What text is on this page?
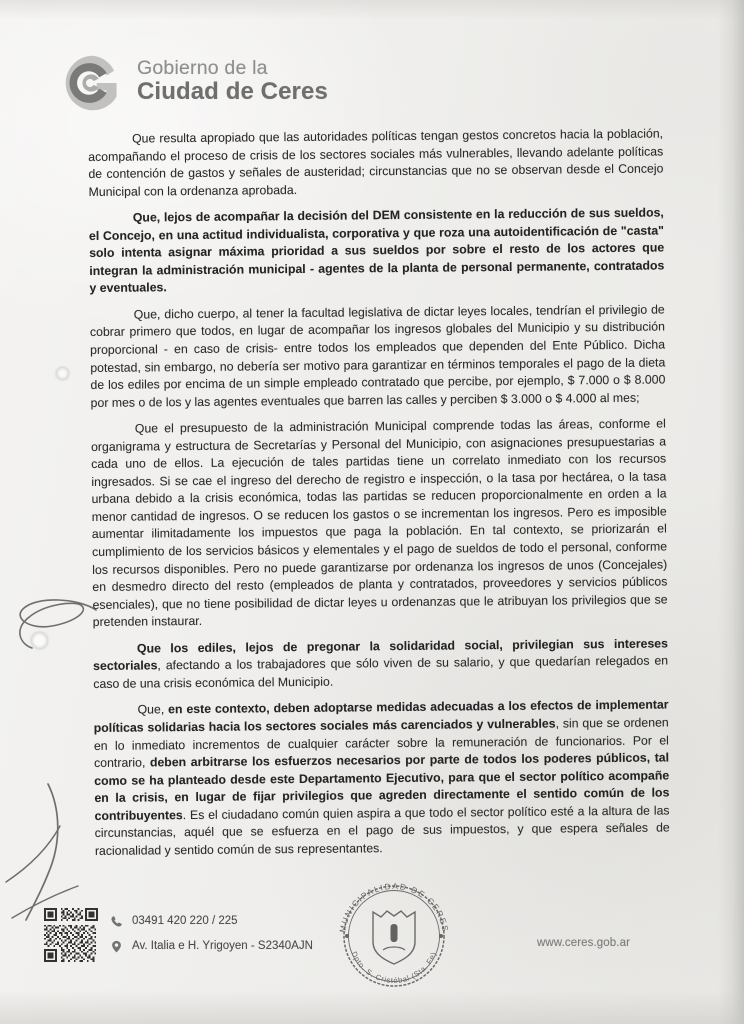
Gobierno de la
Ciudad de Ceres

Que resulta apropiado que las autoridades políticas tengan gestos concretos hacia la población, acompañando el proceso de crisis de los sectores sociales más vulnerables, llevando adelante políticas de contención de gastos y señales de austeridad; circunstancias que no se observan desde el Concejo Municipal con la ordenanza aprobada.

Que, lejos de acompañar la decisión del DEM consistente en la reducción de sus sueldos, el Concejo, en una actitud individualista, corporativa y que roza una autoidentificación de "casta" solo intenta asignar máxima prioridad a sus sueldos por sobre el resto de los actores que integran la administración municipal - agentes de la planta de personal permanente, contratados y eventuales.

Que, dicho cuerpo, al tener la facultad legislativa de dictar leyes locales, tendrían el privilegio de cobrar primero que todos, en lugar de acompañar los ingresos globales del Municipio y su distribución proporcional - en caso de crisis- entre todos los empleados que dependen del Ente Público. Dicha potestad, sin embargo, no debería ser motivo para garantizar en términos temporales el pago de la dieta de los ediles por encima de un simple empleado contratado que percibe, por ejemplo, $ 7.000 o $ 8.000 por mes o de los y las agentes eventuales que barren las calles y perciben $ 3.000 o $ 4.000 al mes;

Que el presupuesto de la administración Municipal comprende todas las áreas, conforme el organigrama y estructura de Secretarías y Personal del Municipio, con asignaciones presupuestarias a cada uno de ellos. La ejecución de tales partidas tiene un correlato inmediato con los recursos ingresados. Si se cae el ingreso del derecho de registro e inspección, o la tasa por hectárea, o la tasa urbana debido a la crisis económica, todas las partidas se reducen proporcionalmente en orden a la menor cantidad de ingresos. O se reducen los gastos o se incrementan los ingresos. Pero es imposible aumentar ilimitadamente los impuestos que paga la población. En tal contexto, se priorizarán el cumplimiento de los servicios básicos y elementales y el pago de sueldos de todo el personal, conforme los recursos disponibles. Pero no puede garantizarse por ordenanza los ingresos de unos (Concejales) en desmedro directo del resto (empleados de planta y contratados, proveedores y servicios públicos esenciales), que no tiene posibilidad de dictar leyes u ordenanzas que le atribuyan los privilegios que se pretenden instaurar.

Que los ediles, lejos de pregonar la solidaridad social, privilegian sus intereses sectoriales, afectando a los trabajadores que sólo viven de su salario, y que quedarían relegados en caso de una crisis económica del Municipio.

Que, en este contexto, deben adoptarse medidas adecuadas a los efectos de implementar políticas solidarias hacia los sectores sociales más carenciados y vulnerables, sin que se ordenen en lo inmediato incrementos de cualquier carácter sobre la remuneración de funcionarios. Por el contrario, deben arbitrarse los esfuerzos necesarios por parte de todos los poderes públicos, tal como se ha planteado desde este Departamento Ejecutivo, para que el sector político acompañe en la crisis, en lugar de fijar privilegios que agreden directamente el sentido común de los contribuyentes. Es el ciudadano común quien aspira a que todo el sector político esté a la altura de las circunstancias, aquél que se esfuerza en el pago de sus impuestos, y que espera señales de racionalidad y sentido común de sus representantes.

MUNICIPALIDAD DE CERES
Dpto. S. Cristóbal (Sta. Fe)
03491 420 220 / 225
Av. Italia e H. Yrigoyen - S2340AJN	www.ceres.gob.ar
